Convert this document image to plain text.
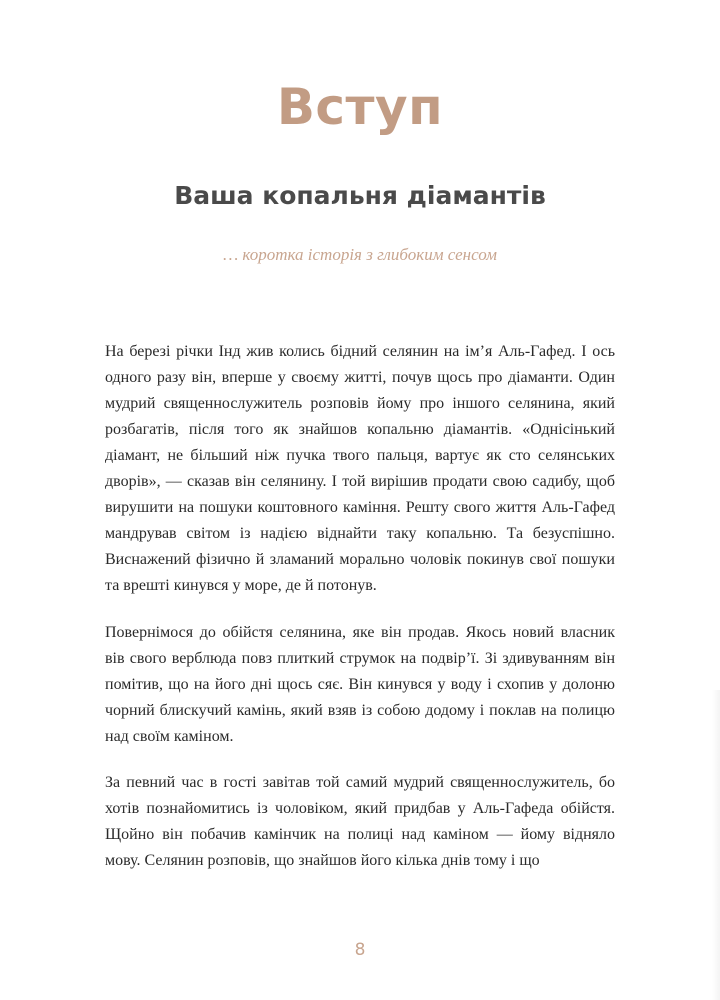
Вступ
Ваша копальня діамантів

… коротка історія з глибоким сенсом

На березі річки Інд жив колись бідний селянин на ім’я Аль-Гафед. І ось одного разу він, вперше у своєму житті, почув щось про діаманти. Один мудрий священнослужитель розповів йому про іншого селянина, який розбагатів, після того як знайшов копальню діамантів. «Однісінький діамант, не більший ніж пучка твого пальця, вартує як сто селянських дворів», — сказав він селянину. І той вирішив продати свою садибу, щоб вирушити на пошуки коштовного каміння. Решту свого життя Аль-Гафед мандрував світом із надією віднайти таку копальню. Та безуспішно. Виснажений фізично й зламаний морально чоловік покинув свої пошуки та врешті кинувся у море, де й потонув.

Повернімося до обійстя селянина, яке він продав. Якось новий власник вів свого верблюда повз плиткий струмок на подвір’ї. Зі здивуванням він помітив, що на його дні щось сяє. Він кинувся у воду і схопив у долоню чорний блискучий камінь, який взяв із собою додому і поклав на полицю над своїм каміном.

За певний час в гості завітав той самий мудрий священнослужитель, бо хотів познайомитись із чоловіком, який придбав у Аль-Гафеда обійстя. Щойно він побачив камінчик на полиці над каміном — йому відняло мову. Селянин розповів, що знайшов його кілька днів тому і що

8
